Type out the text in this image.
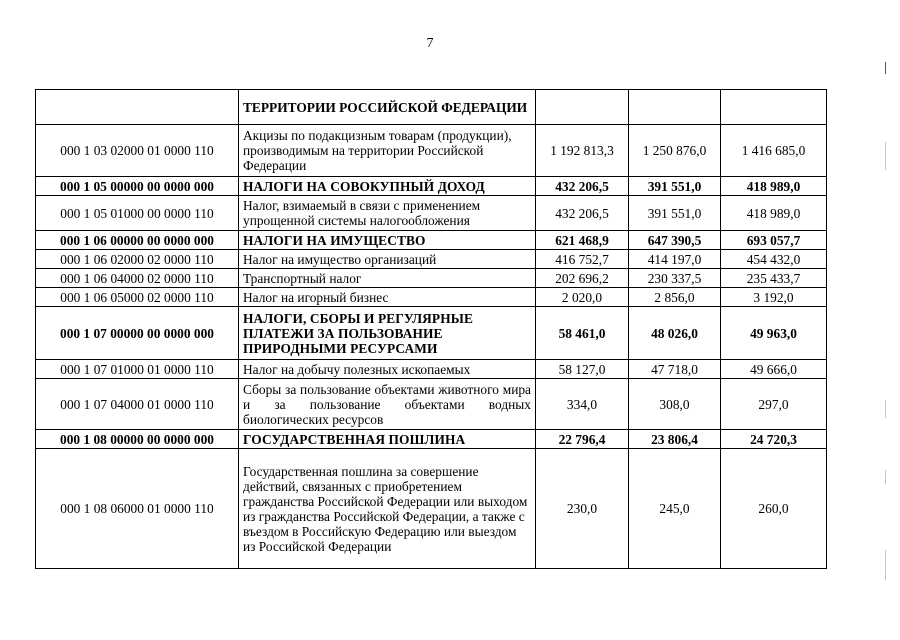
7
	ТЕРРИТОРИИ РОССИЙСКОЙ ФЕДЕРАЦИИ			
000 1 03 02000 01 0000 110	Акцизы по подакцизным товарам (продукции), производимым на территории Российской Федерации	1 192 813,3	1 250 876,0	1 416 685,0
000 1 05 00000 00 0000 000	НАЛОГИ НА СОВОКУПНЫЙ ДОХОД	432 206,5	391 551,0	418 989,0
000 1 05 01000 00 0000 110	Налог, взимаемый в связи с применением упрощенной системы налогообложения	432 206,5	391 551,0	418 989,0
000 1 06 00000 00 0000 000	НАЛОГИ НА ИМУЩЕСТВО	621 468,9	647 390,5	693 057,7
000 1 06 02000 02 0000 110	Налог на имущество организаций	416 752,7	414 197,0	454 432,0
000 1 06 04000 02 0000 110	Транспортный налог	202 696,2	230 337,5	235 433,7
000 1 06 05000 02 0000 110	Налог на игорный бизнес	2 020,0	2 856,0	3 192,0
000 1 07 00000 00 0000 000	НАЛОГИ, СБОРЫ И РЕГУЛЯРНЫЕ ПЛАТЕЖИ ЗА ПОЛЬЗОВАНИЕ ПРИРОДНЫМИ РЕСУРСАМИ	58 461,0	48 026,0	49 963,0
000 1 07 01000 01 0000 110	Налог на добычу полезных ископаемых	58 127,0	47 718,0	49 666,0
000 1 07 04000 01 0000 110	Сборы за пользование объектами животного мира и за пользование объектами водных биологических ресурсов	334,0	308,0	297,0
000 1 08 00000 00 0000 000	ГОСУДАРСТВЕННАЯ ПОШЛИНА	22 796,4	23 806,4	24 720,3
000 1 08 06000 01 0000 110	Государственная пошлина за совершение действий, связанных с приобретением гражданства Российской Федерации или выходом из гражданства Российской Федерации, а также с въездом в Российскую Федерацию или выездом из Российской Федерации	230,0	245,0	260,0
